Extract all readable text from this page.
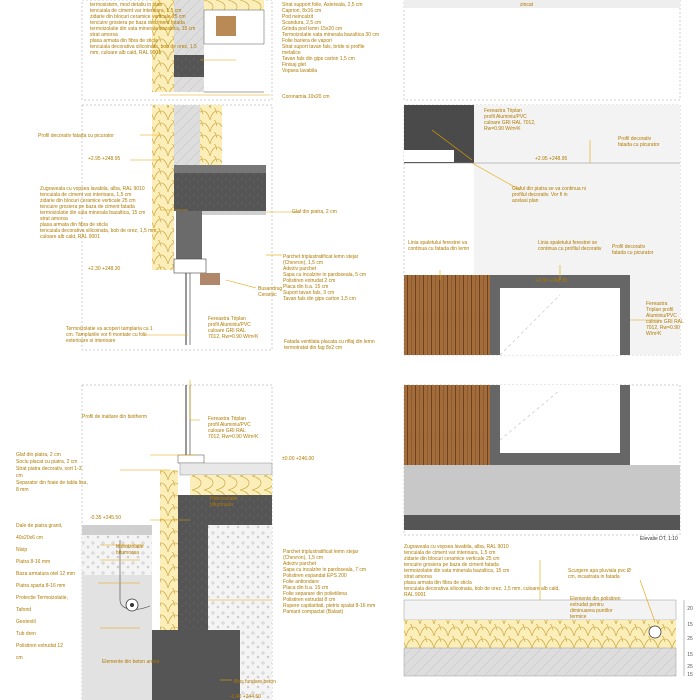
termosistem, mod detaliu in plan
tencuiala de ciment var interioara, 1,5 cm
zidarie din blocuri ceramice verticale 25 cm
tencuire grosiera pe baza de ciment fatada
termoizolatie din vata minerala bazaltica, 15 cm
strat amorsa
plasa armata din fibra de sticla
tencuiala decorativa silicoinata, bob de orez, 1,5
mm, culoare alb cald, RAL 9001
Strat support folie, Astereala, 2,5 cm
Capriori, 8x16 cm
Pod neincalzit
Scandura, 2,5 cm
Grinda pod lemn 15x20 cm
Termoizolatie vata minerala bazaltica 30 cm
Folie bariera de vapori
Strat suport tavan fals, bride si profile
metalice
Tavan fals din gips carton 1,5 cm
Finisaj glet
Vopsea lavabila
Coronamia 10x20 cm
zincat
Profil decorativ fatada cu picurator
+2.95 +248.95
+2.30 +248.30
Zugraveala cu vopsea lavabila, alba, RAL 9010
tencuiala de ciment var interioara, 1,5 cm
zidarie din blocuri ceramice verticale 25 cm
tencuire grosiera pe baza de ciment fatada
termoizolatie din vata minerala bazaltica, 15 cm
strat amorsa
plasa armata din fibra de sticla
tencuiala decorativa silicoinata, bob de orez, 1,5 mm,
culoare alb cald, RAL 9001
Glaf din piatra, 2 cm
Parchet triplustratificat lemn stejar
(Chevron), 1,5 cm
Adeziv parchet
Sapa cu incalzire in pardoseala, 5 cm
Polistiren extrudat 2 cm
Placa din b.a. 15 cm
Suport tavan fals, 3 cm
Tavan fals din gips carton 1,5 cm
Busandrug
Ceramic
Termoizolatie va acoperi tamplaria cu 1
cm. Tamplariile vor fi montate cu folii
exterioare si interioare
Fereastra Triplan
profil Aluminiu/PVC
culoare GRI RAL
7012, Rw=0.90 W/m²K
Fatada ventilata placata cu riflaj din lemn
termotratat din fag 8x2 cm
Fereastra Triplan
profil Aluminiu/PVC
culoare GRI RAL 7012,
Rw=0.90 W/m²K
Profil decorativ
fatada cu picurator
+2.95 +248.95
Glaful din piatra se va continua ni
profilul decorativ. Vor fi in
acelasi plan
Linia spaletului ferestrei va
continua cu fatada din lemn
Linia spaletului ferestrei se
continua cu profilul decorativ Profil decorativ
fatada cu picurator
+2.30 +248.30
Fereastra
Triplan profil
Aluminiu/PVC
culoare GRI RAL
7012, Rw=0.90
W/m²K
Profil de inaltare din biotherm	Fereastra Triplan
profil Aluminiu/PVC
culoare GRI RAL
7012, Rw=0.90 W/m²K
±0.00 +246.00
-0.35 +245.50
Glaf din piatra, 2 cm
Soclu placat cu piatra, 2 cm
Strat piatra decorativ, sort 1-3
cm
Separator din foaie de tabla lisa,
8 mm
Dale de piatra granit,
40x20x6 cm
Nisip
Piatra 8-16 mm
Baza armatura otel 12 mm
Piatra sparta 8-16 mm
Protectie Termoizolatie,
Tafond
Geotextil
Tub dren
Polistiren extrudat 12
cm
Hidroizolatie
bitumoasa
Hidroizolatie
bitumoasa
Parchet triplustratificat lemn stejar
(Chevron), 1,5 cm
Adeziv parchet
Sapa cu incalzire in pardoseala, 7 cm
Polistiren expandat EPS 200
Folie antiondare
Placa din b.a. 15 cm
Folie separare din polietilena
Polistiren extrudat 8 cm
Rupere capilaritati, pietris spalat 8-16 mm
Pamant compactat (Balast)
Elemente din beton armat
Bloc fundare beton
-1.40 +244.60
Elevatie DT, 1:10
Zugraveala cu vopsea lavabila, alba, RAL 9010
tencuiala de ciment var interioara, 1,5 cm
zidarie din blocuri ceramice verticale 25 cm
tencuire grosiera pe baza de ciment fatada
termoizolatie din vata minerala bazaltica, 15 cm
strat amorsa
plasa armata din fibra de sticla
tencuiala decorativa silicoinata, bob de orez, 1,5 mm, culoare alb cald,
RAL 9001
Scurgere apa pluviala pvc Ø
cm, incastrata in fatada
Elemente din polistiren
extrudat pentru
diminuarea puntilor
termice
20
15
25
15
25
15
